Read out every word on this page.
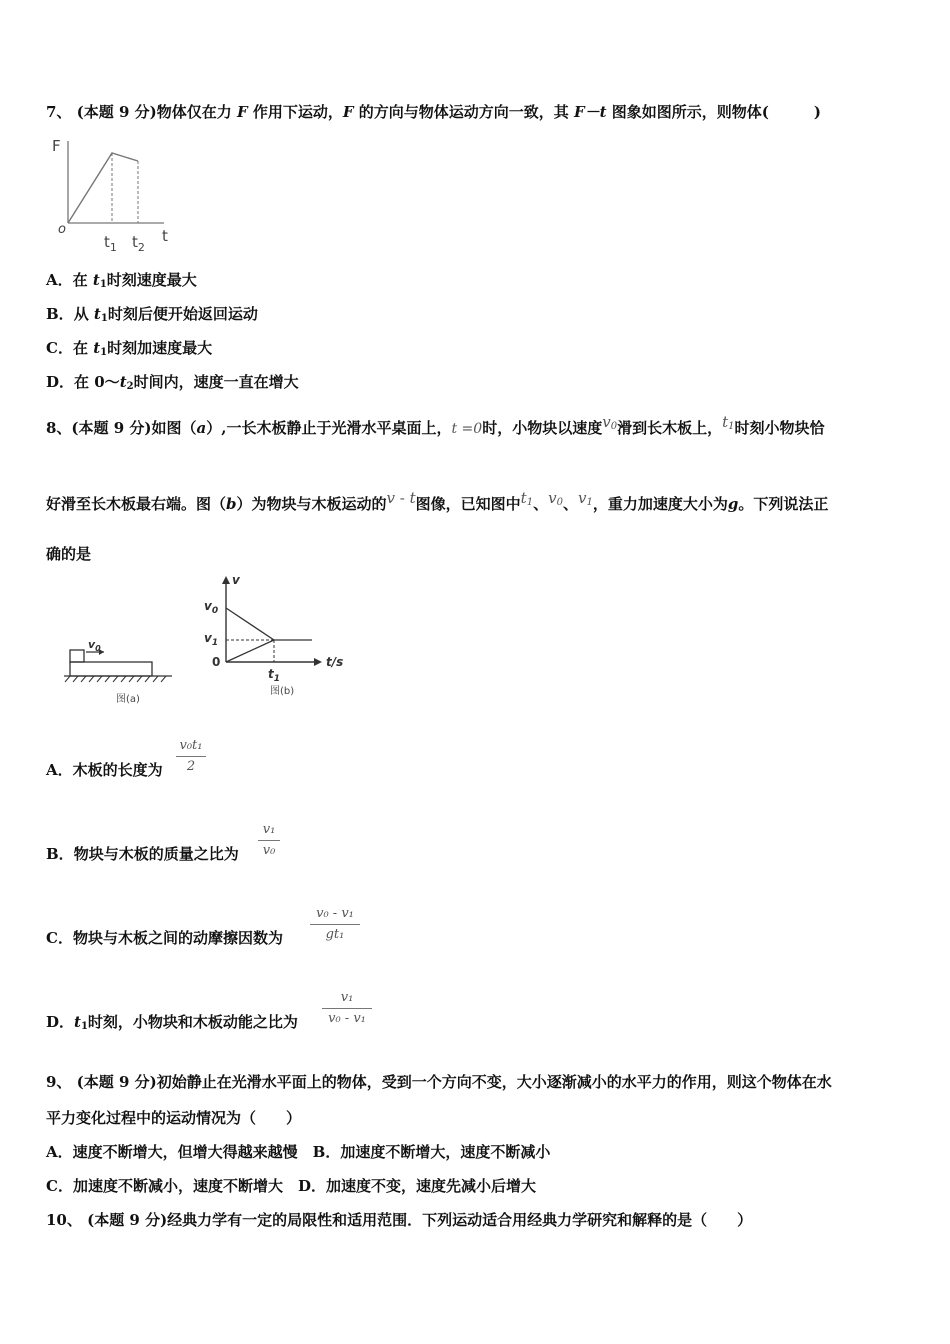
7、 (本题 9 分)物体仅在力 F 作用下运动，F 的方向与物体运动方向一致，其 F－t 图象如图所示，则物体(　　　)
F
o
$t_1$ $t_2$
t
A．在 $t_1$时刻速度最大
B．从 $t_1$时刻后便开始返回运动
C．在 $t_1$时刻加速度最大
D．在 $0\sim t_2$时间内，速度一直在增大
8、(本题 9 分)如图（a）,一长木板静止于光滑水平桌面上，t =0时，小物块以速度$v_0$滑到长木板上，$t_1$时刻小物块恰
好滑至长木板最右端。图（b）为物块与木板运动的v - t图像，已知图中$t_1$、$v_0$、$v_1$，重力加速度大小为g。下列说法正
确的是
$v_0$
图(a)
v
$v_0$
$v_1$
0
$t_1$
t/s
图(b)
A．木板的长度为
v₀t₁
2
B．物块与木板的质量之比为
v₁
v₀
C．物块与木板之间的动摩擦因数为
v₀ - v₁
gt₁
D．$t_1$时刻，小物块和木板动能之比为
v₁
v₀ - v₁
9、 (本题 9 分)初始静止在光滑水平面上的物体，受到一个方向不变，大小逐渐减小的水平力的作用，则这个物体在水
平力变化过程中的运动情况为（　　）
A．速度不断增大，但增大得越来越慢　B．加速度不断增大，速度不断减小
C．加速度不断减小，速度不断增大　D．加速度不变，速度先减小后增大
10、 (本题 9 分)经典力学有一定的局限性和适用范围．下列运动适合用经典力学研究和解释的是（　　）
